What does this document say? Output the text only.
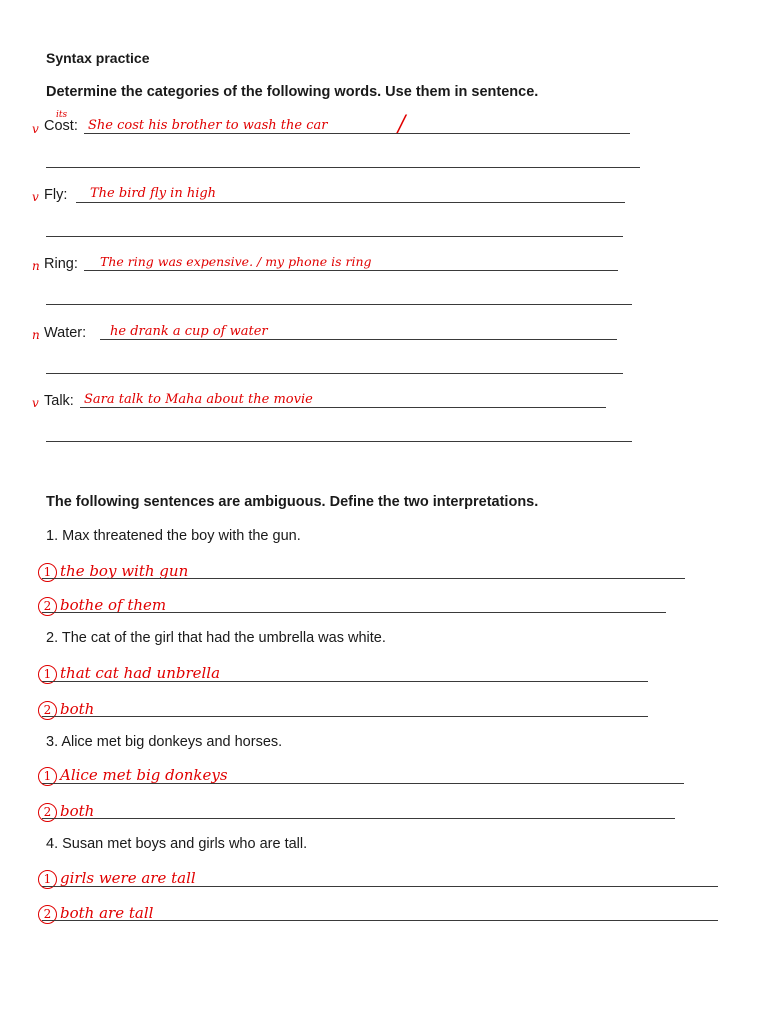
Syntax practice
Determine the categories of the following words. Use them in sentence.
v
its
Cost: She cost his brother to wash the car	/
v Fly: The bird fly in high
n Ring: The ring was expensive. / my phone is ring
n Water: he drank a cup of water
v Talk: Sara talk to Maha about the movie
The following sentences are ambiguous. Define the two interpretations.
1. Max threatened the boy with the gun.
1 the boy with gun
2 bothe of them
2. The cat of the girl that had the umbrella was white.
1 that cat had unbrella
2 both
3. Alice met big donkeys and horses.
1 Alice met big donkeys
2 both
4. Susan met boys and girls who are tall.
1 girls were are tall
2 both are tall
